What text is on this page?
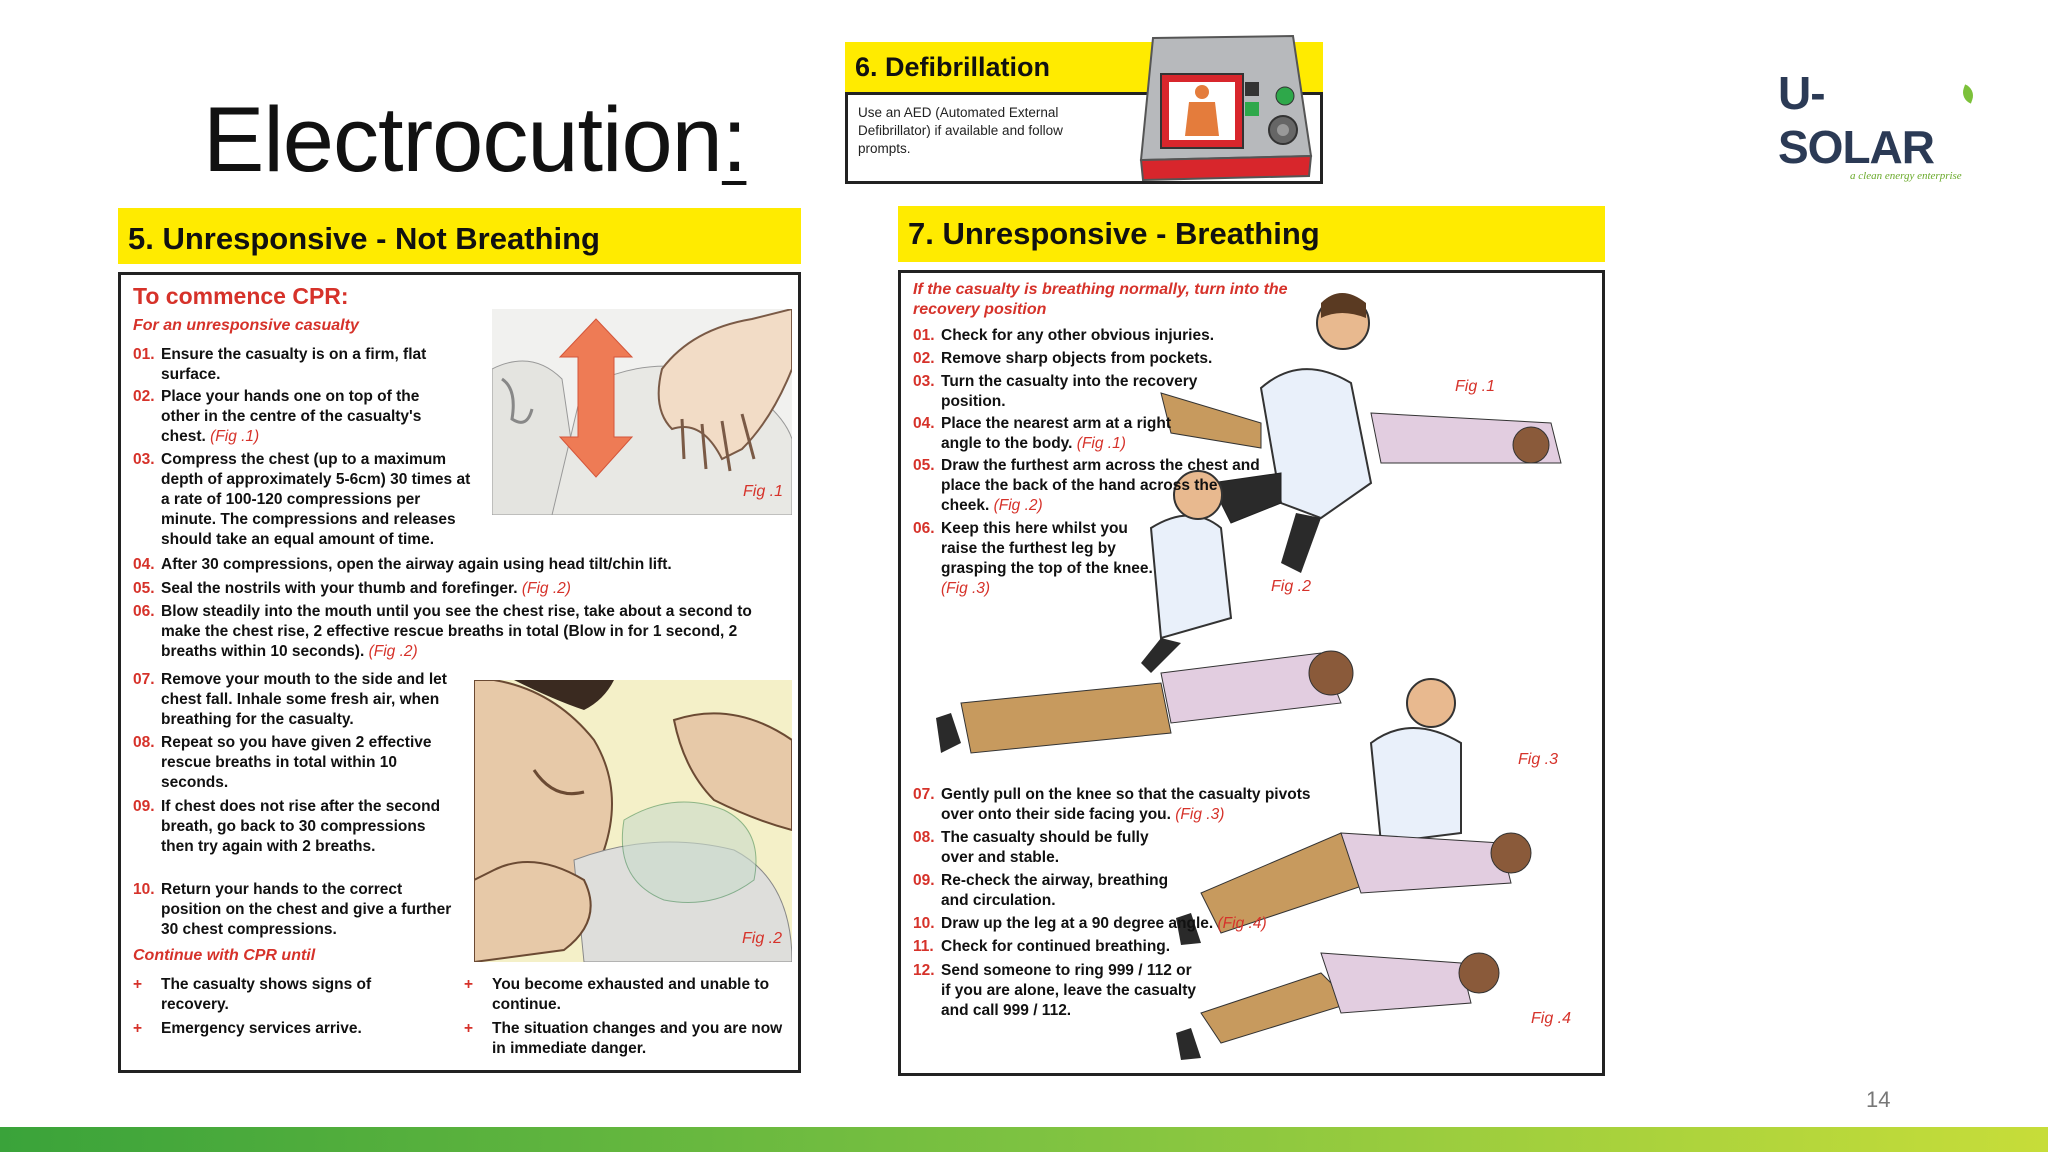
Electrocution:	U-SOLAR
a clean energy enterprise
6. Defibrillation
Use an AED (Automated External Defibrillator) if available and follow prompts.
5. Unresponsive - Not Breathing
To commence CPR:
For an unresponsive casualty
Fig .1
Fig .2
01. Ensure the casualty is on a firm, flat surface.
02. Place your hands one on top of the other in the centre of the casualty's chest. (Fig .1)
03. Compress the chest (up to a maximum depth of approximately 5-6cm) 30 times at a rate of 100-120 compressions per minute. The compressions and releases should take an equal amount of time.
04. After 30 compressions, open the airway again using head tilt/chin lift.
05. Seal the nostrils with your thumb and forefinger. (Fig .2)
06. Blow steadily into the mouth until you see the chest rise, take about a second to make the chest rise, 2 effective rescue breaths in total (Blow in for 1 second, 2 breaths within 10 seconds). (Fig .2)
07. Remove your mouth to the side and let chest fall. Inhale some fresh air, when breathing for the casualty.
08. Repeat so you have given 2 effective rescue breaths in total within 10 seconds.
09. If chest does not rise after the second breath, go back to 30 compressions then try again with 2 breaths.
10. Return your hands to the correct position on the chest and give a further 30 chest compressions.
Continue with CPR until
+	The casualty shows signs of recovery.
+	Emergency services arrive.
+	You become exhausted and unable to continue.
+	The situation changes and you are now in immediate danger.
7. Unresponsive - Breathing
Fig .1
Fig .2
Fig .3
Fig .4
If the casualty is breathing normally, turn into the recovery position
01. Check for any other obvious injuries.
02. Remove sharp objects from pockets.
03. Turn the casualty into the recovery position.
04. Place the nearest arm at a right angle to the body. (Fig .1)
05. Draw the furthest arm across the chest and place the back of the hand across the cheek. (Fig .2)
06. Keep this here whilst you raise the furthest leg by grasping the top of the knee. (Fig .3)
07. Gently pull on the knee so that the casualty pivots over onto their side facing you. (Fig .3)
08. The casualty should be fully over and stable.
09. Re-check the airway, breathing and circulation.
10. Draw up the leg at a 90 degree angle. (Fig .4)
11. Check for continued breathing.
12. Send someone to ring 999 / 112 or if you are alone, leave the casualty and call 999 / 112.
14
